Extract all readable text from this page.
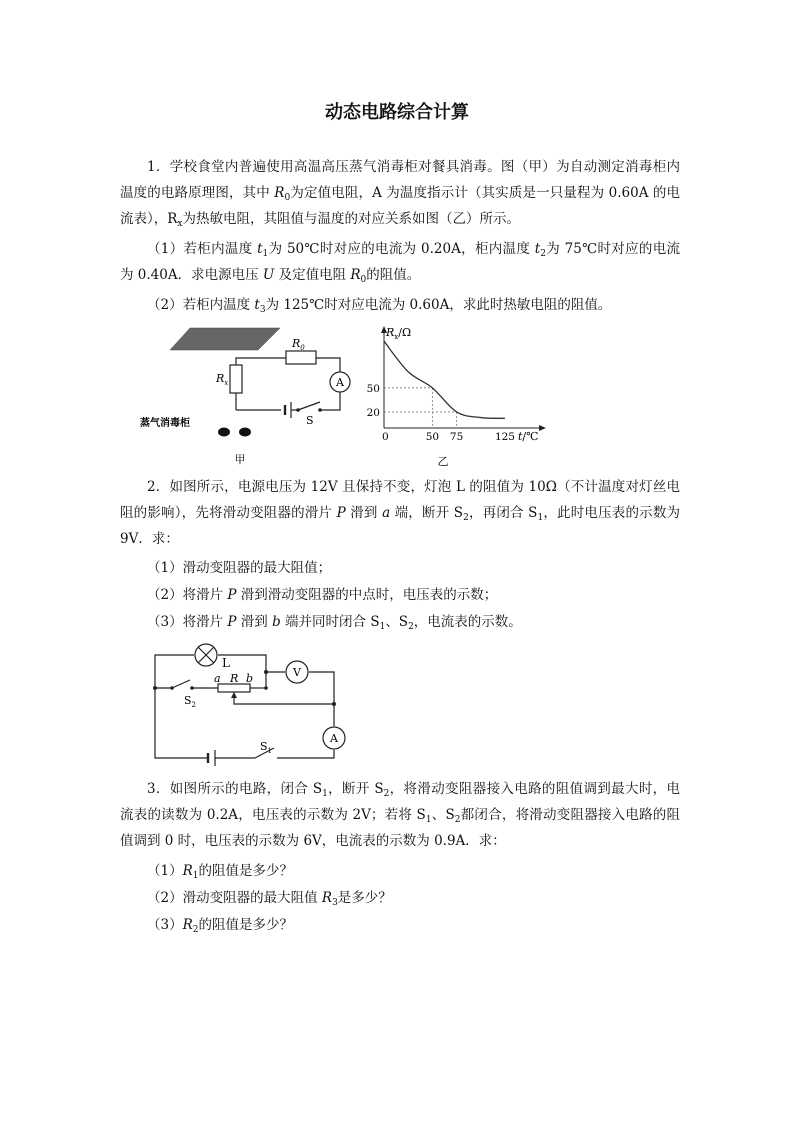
动态电路综合计算
1．学校食堂内普遍使用高温高压蒸气消毒柜对餐具消毒。图（甲）为自动测定消毒柜内温度的电路原理图，其中 $R_0$为定值电阻，A 为温度指示计（其实质是一只量程为 0.60A 的电流表），$R_x$为热敏电阻，其阻值与温度的对应关系如图（乙）所示。
（1）若柜内温度 $t_1$为 50℃时对应的电流为 0.20A，柜内温度 $t_2$为 75℃时对应的电流为 0.40A．求电源电压 U 及定值电阻 $R_0$的阻值。
（2）若柜内温度 $t_3$为 125℃时对应电流为 0.60A，求此时热敏电阻的阻值。
A
$R_0$
$R_x$
S
蒸气消毒柜
甲
50 75	125
20
50
$R_x/\Omega$
t/℃
0
乙
2．如图所示，电源电压为 12V 且保持不变，灯泡 L 的阻值为 10Ω（不计温度对灯丝电阻的影响），先将滑动变阻器的滑片 P 滑到 a 端，断开 $S_2$，再闭合 $S_1$，此时电压表的示数为 9V．求：
（1）滑动变阻器的最大阻值；
（2）将滑片 P 滑到滑动变阻器的中点时，电压表的示数；
（3）将滑片 P 滑到 b 端并同时闭合 $S_1$、$S_2$，电流表的示数。
L
V
A
a R b
$S_2$
$S_1$
3．如图所示的电路，闭合 $S_1$，断开 $S_2$，将滑动变阻器接入电路的阻值调到最大时，电流表的读数为 0.2A，电压表的示数为 2V；若将 $S_1$、$S_2$都闭合，将滑动变阻器接入电路的阻值调到 0 时，电压表的示数为 6V，电流表的示数为 0.9A．求：
$(1)R_1$的阻值是多少？
（2）滑动变阻器的最大阻值 $R_3$是多少？
$(3)R_2$的阻值是多少？
